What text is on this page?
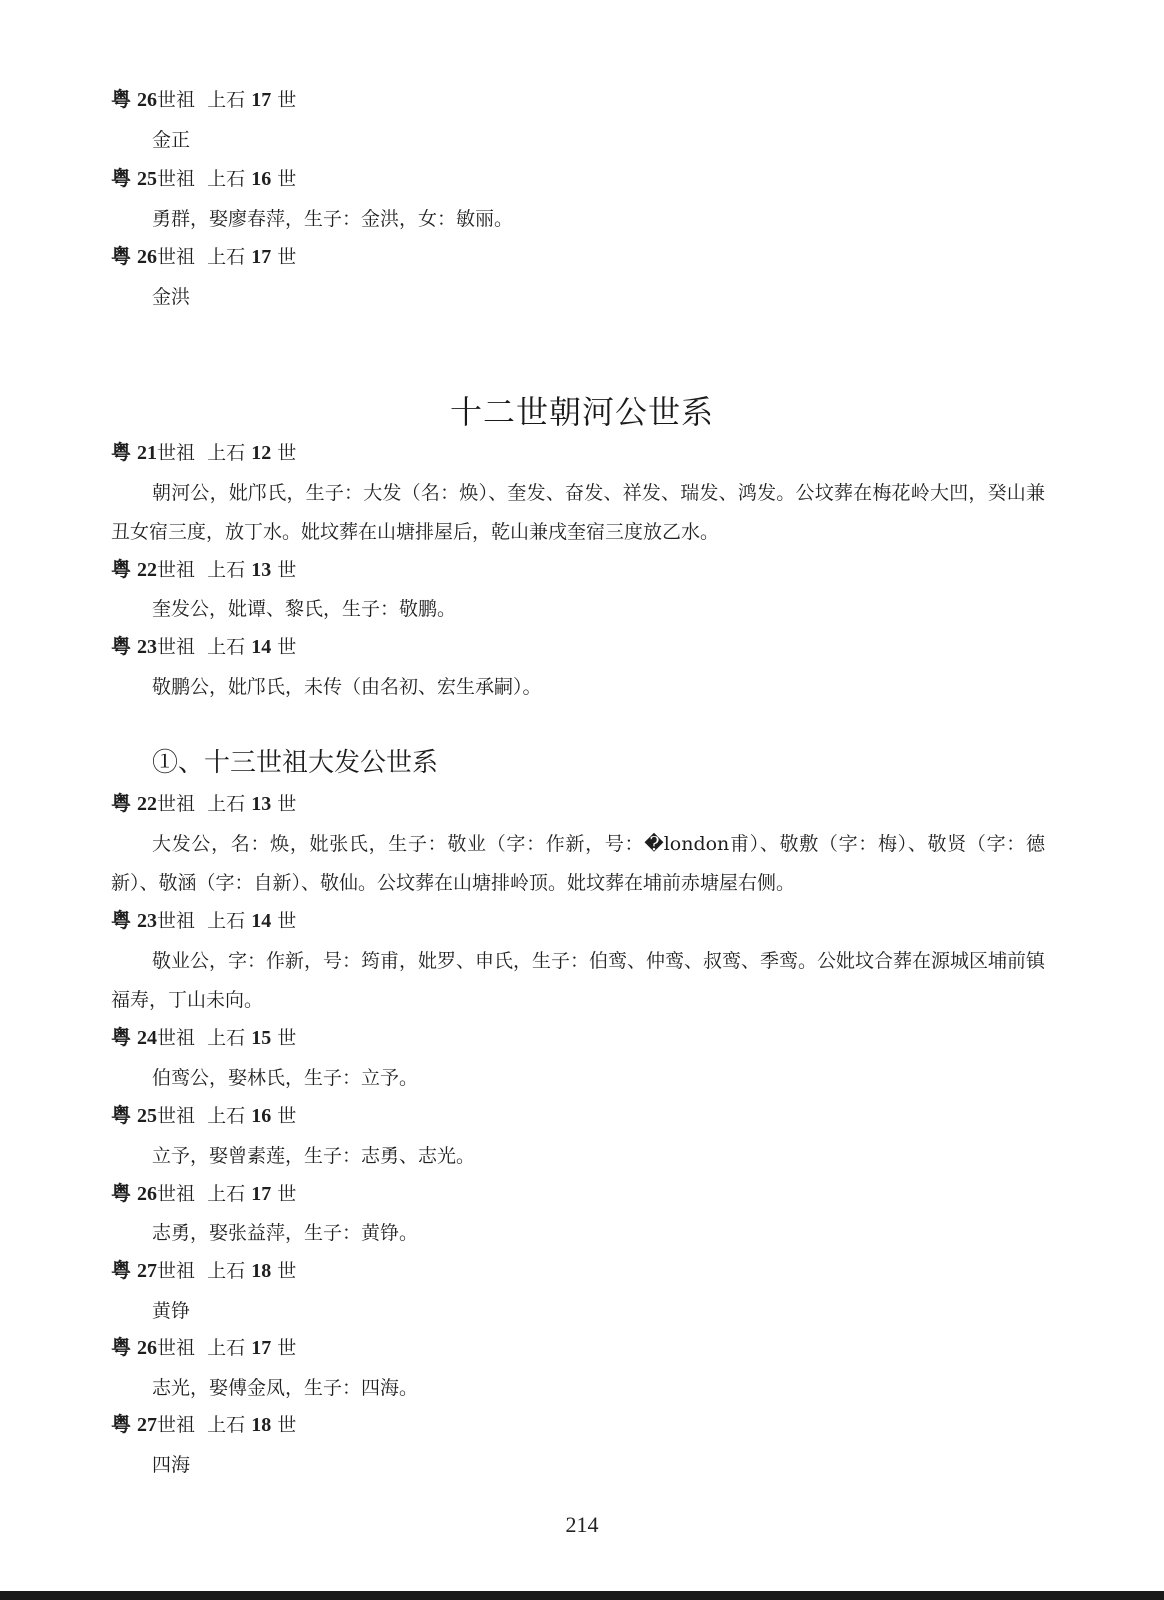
粤 26世祖 上石 17 世
金正
粤 25世祖 上石 16 世
勇群，娶廖春萍，生子：金洪，女：敏丽。
粤 26世祖 上石 17 世
金洪
十二世朝河公世系
粤 21世祖 上石 12 世
朝河公，妣邝氏，生子：大发（名：焕）、奎发、奋发、祥发、瑞发、鸿发。公坟葬在梅花岭大凹，癸山兼丑女宿三度，放丁水。妣坟葬在山塘排屋后，乾山兼戌奎宿三度放乙水。
粤 22世祖 上石 13 世
奎发公，妣谭、黎氏，生子：敬鹏。
粤 23世祖 上石 14 世
敬鹏公，妣邝氏，未传（由名初、宏生承嗣）。
①、十三世祖大发公世系
粤 22世祖 上石 13 世
大发公，名：焕，妣张氏，生子：敬业（字：作新，号：�london甫）、敬敷（字：梅）、敬贤（字：德新）、敬涵（字：自新）、敬仙。公坟葬在山塘排岭顶。妣坟葬在埔前赤塘屋右侧。
粤 23世祖 上石 14 世
敬业公，字：作新，号：筠甫，妣罗、申氏，生子：伯鸾、仲鸾、叔鸾、季鸾。公妣坟合葬在源城区埔前镇福寿，丁山未向。
粤 24世祖 上石 15 世
伯鸾公，娶林氏，生子：立予。
粤 25世祖 上石 16 世
立予，娶曾素莲，生子：志勇、志光。
粤 26世祖 上石 17 世
志勇，娶张益萍，生子：黄铮。
粤 27世祖 上石 18 世
黄铮
粤 26世祖 上石 17 世
志光，娶傅金凤，生子：四海。
粤 27世祖 上石 18 世
四海
214
